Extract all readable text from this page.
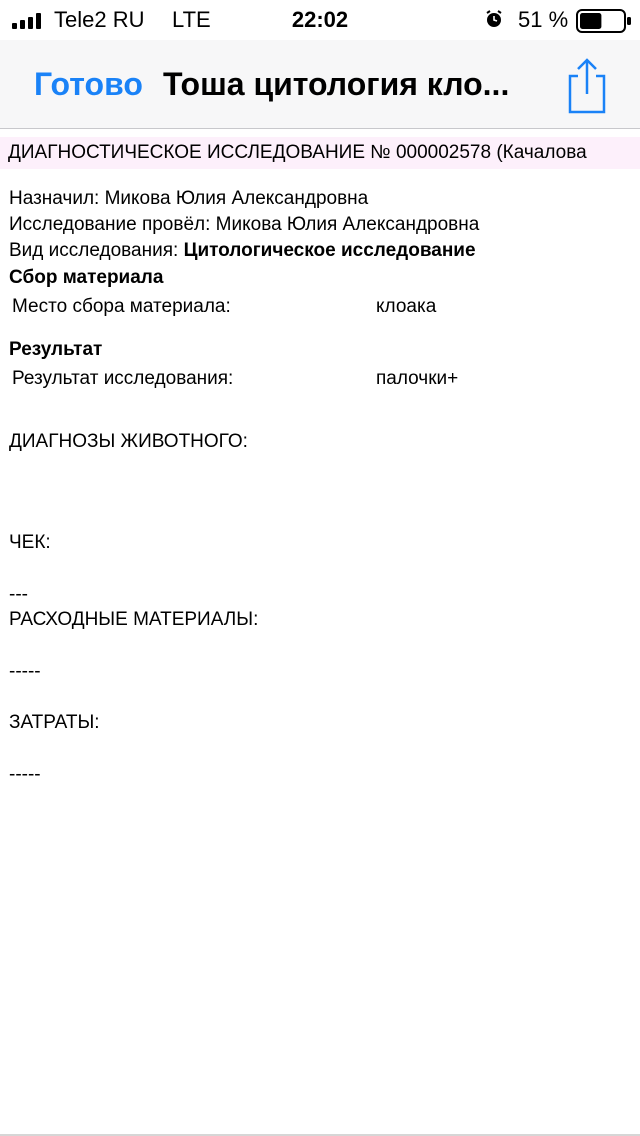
Tele2 RU LTE	22:02	51 %
Готово Тоша цитология кло...
ДИАГНОСТИЧЕСКОЕ ИССЛЕДОВАНИЕ № 000002578 (Качалова
Назначил: Микова Юлия Александровна
Исследование провёл: Микова Юлия Александровна
Вид исследования: Цитологическое исследование
Сбор материала
Место сбора материала:	клоака
Результат
Результат исследования:	палочки+
ДИАГНОЗЫ ЖИВОТНОГО:
ЧЕК:
---
РАСХОДНЫЕ МАТЕРИАЛЫ:
-----
ЗАТРАТЫ:
-----
